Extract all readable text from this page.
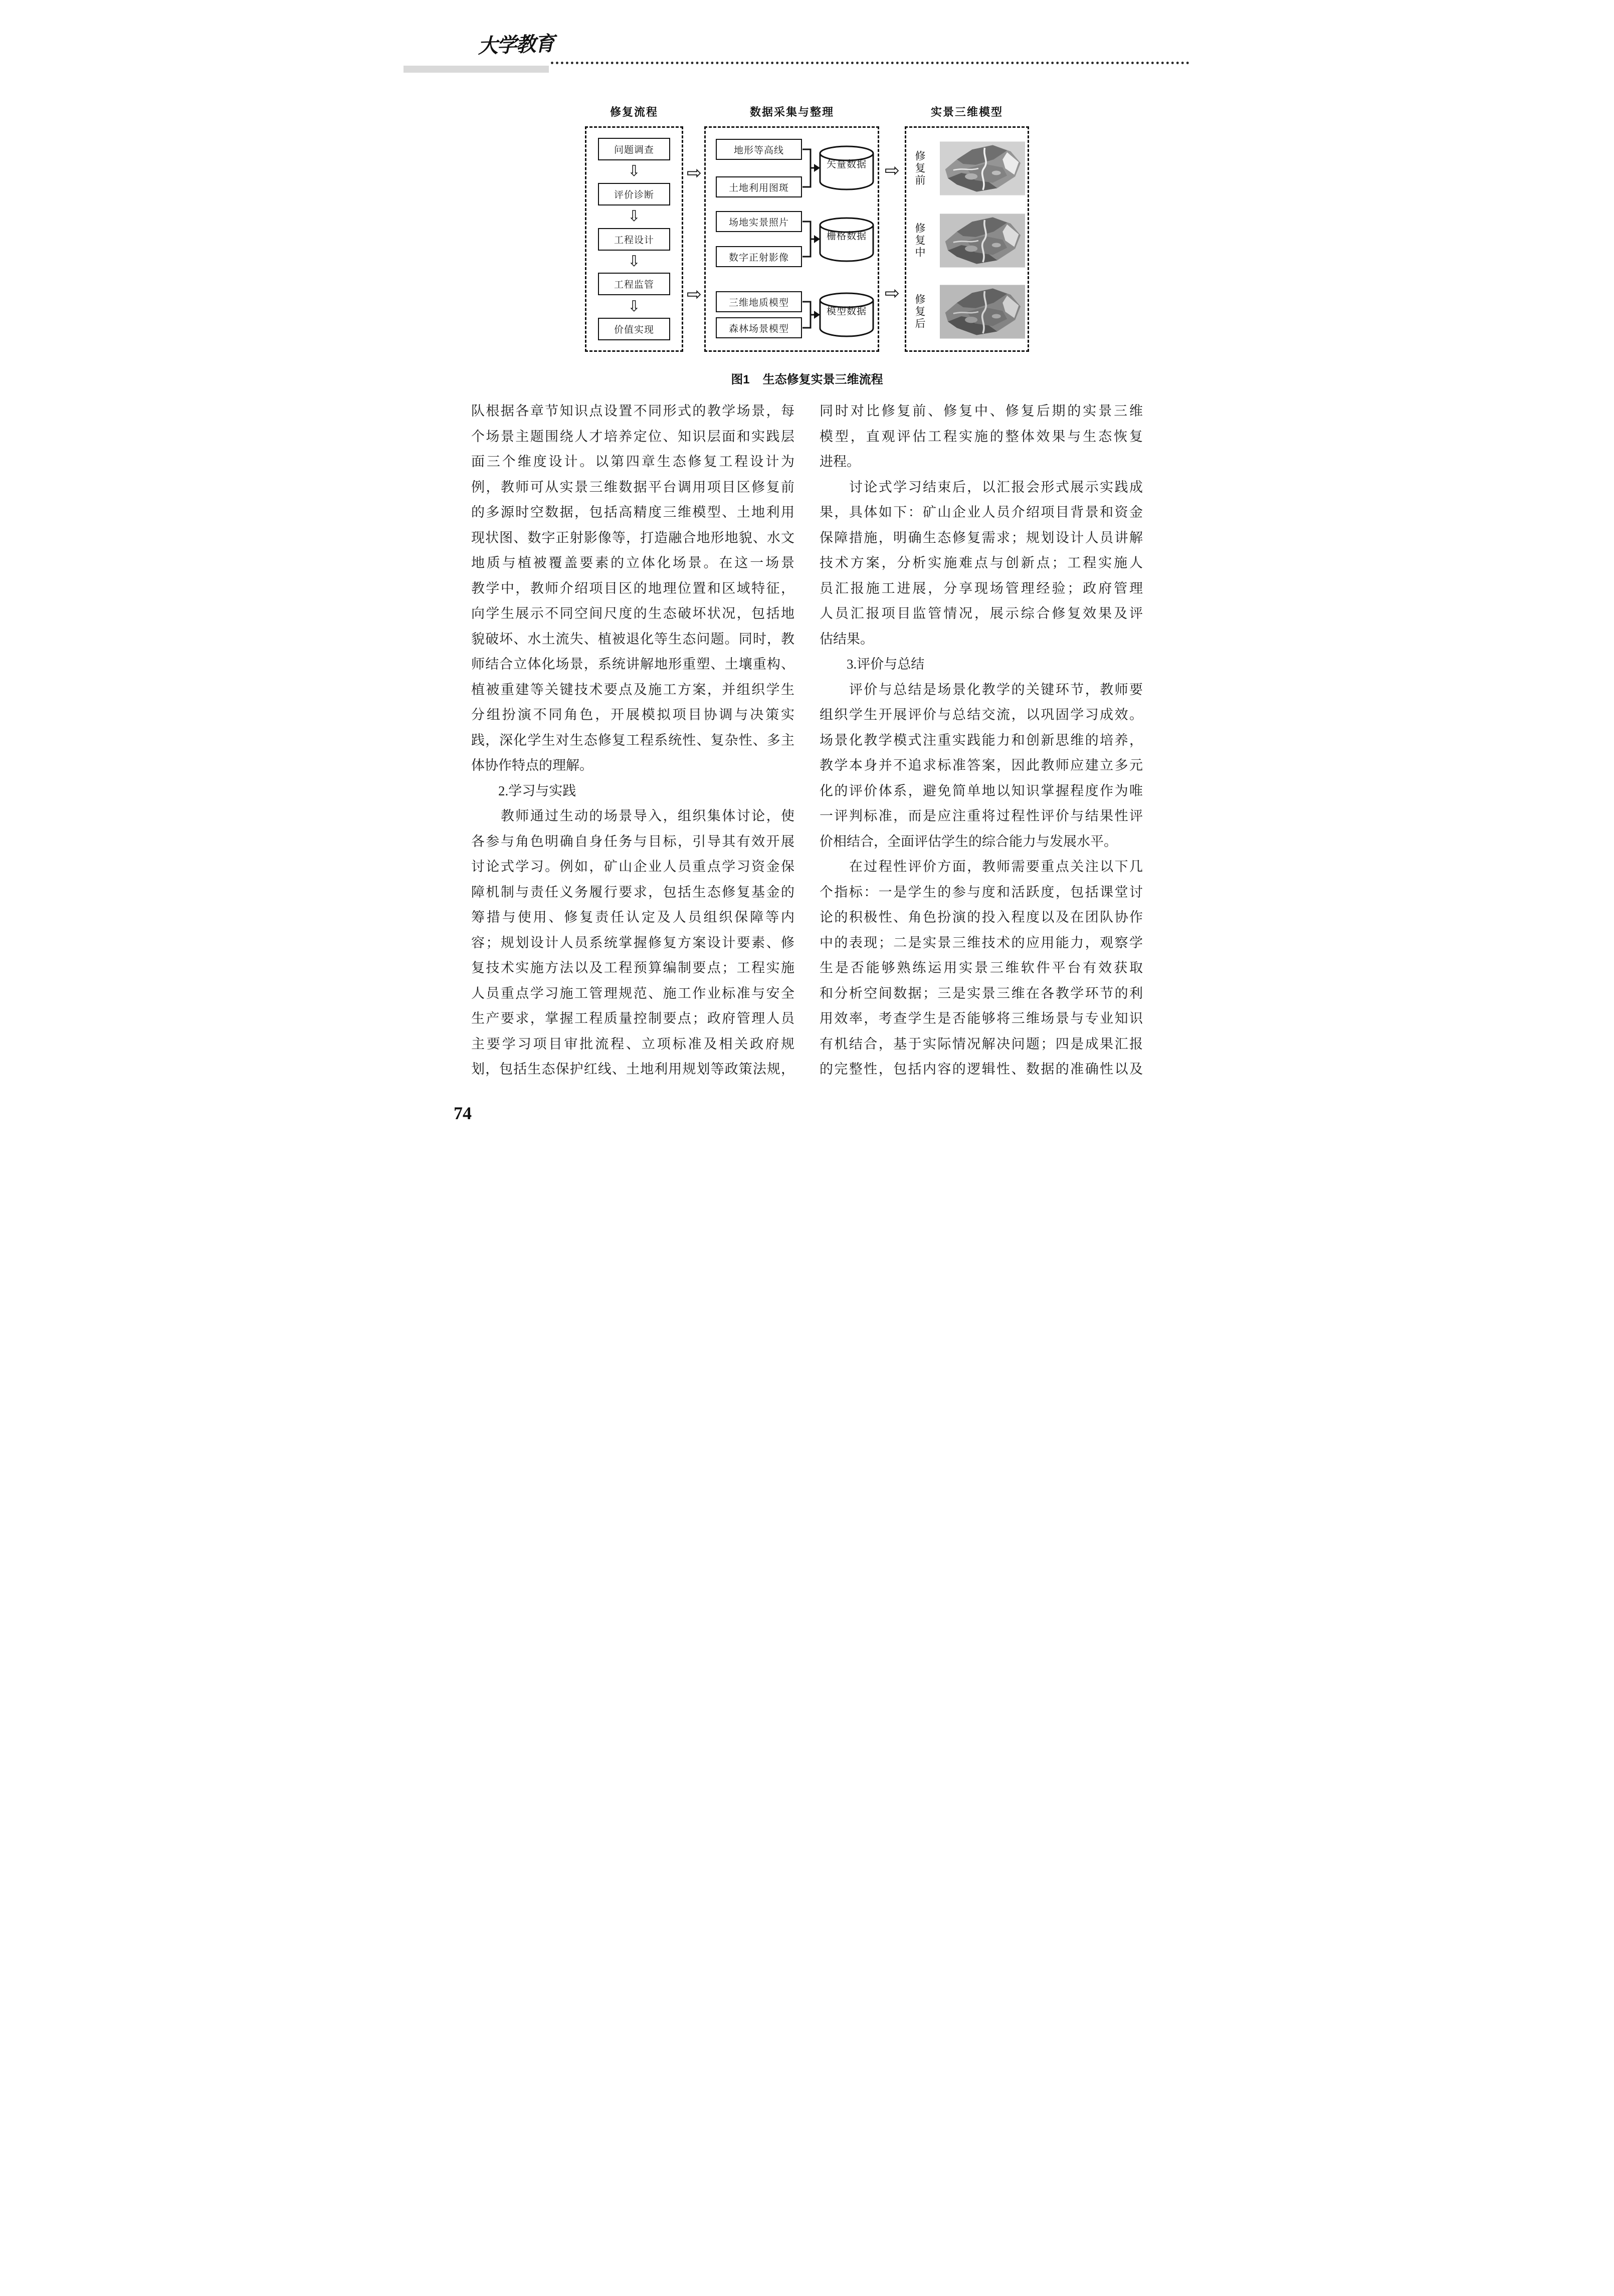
大学教育
修复流程	数据采集与整理	实景三维模型
问题调查
⇩
评价诊断
⇩
工程设计
⇩
工程监管
⇩
价值实现
地形等高线
土地利用图斑
矢量数据
场地实景照片
数字正射影像
栅格数据
三维地质模型
森林场景模型
模型数据
修复前
修复中
修复后
⇨
⇨
⇨
⇨
图1 生态修复实景三维流程
队根据各章节知识点设置不同形式的教学场景，每
个场景主题围绕人才培养定位、知识层面和实践层
面三个维度设计。以第四章生态修复工程设计为
例，教师可从实景三维数据平台调用项目区修复前
的多源时空数据，包括高精度三维模型、土地利用
现状图、数字正射影像等，打造融合地形地貌、水文
地质与植被覆盖要素的立体化场景。在这一场景
教学中，教师介绍项目区的地理位置和区域特征，
向学生展示不同空间尺度的生态破坏状况，包括地
貌破坏、水土流失、植被退化等生态问题。同时，教
师结合立体化场景，系统讲解地形重塑、土壤重构、
植被重建等关键技术要点及施工方案，并组织学生
分组扮演不同角色，开展模拟项目协调与决策实
践，深化学生对生态修复工程系统性、复杂性、多主
体协作特点的理解。
　　2.学习与实践
　　教师通过生动的场景导入，组织集体讨论，使
各参与角色明确自身任务与目标，引导其有效开展
讨论式学习。例如，矿山企业人员重点学习资金保
障机制与责任义务履行要求，包括生态修复基金的
筹措与使用、修复责任认定及人员组织保障等内
容；规划设计人员系统掌握修复方案设计要素、修
复技术实施方法以及工程预算编制要点；工程实施
人员重点学习施工管理规范、施工作业标准与安全
生产要求，掌握工程质量控制要点；政府管理人员
主要学习项目审批流程、立项标准及相关政府规
划，包括生态保护红线、土地利用规划等政策法规，
同时对比修复前、修复中、修复后期的实景三维
模型，直观评估工程实施的整体效果与生态恢复
进程。
　　讨论式学习结束后，以汇报会形式展示实践成
果，具体如下：矿山企业人员介绍项目背景和资金
保障措施，明确生态修复需求；规划设计人员讲解
技术方案，分析实施难点与创新点；工程实施人
员汇报施工进展，分享现场管理经验；政府管理
人员汇报项目监管情况，展示综合修复效果及评
估结果。
　　3.评价与总结
　　评价与总结是场景化教学的关键环节，教师要
组织学生开展评价与总结交流，以巩固学习成效。
场景化教学模式注重实践能力和创新思维的培养，
教学本身并不追求标准答案，因此教师应建立多元
化的评价体系，避免简单地以知识掌握程度作为唯
一评判标准，而是应注重将过程性评价与结果性评
价相结合，全面评估学生的综合能力与发展水平。
　　在过程性评价方面，教师需要重点关注以下几
个指标：一是学生的参与度和活跃度，包括课堂讨
论的积极性、角色扮演的投入程度以及在团队协作
中的表现；二是实景三维技术的应用能力，观察学
生是否能够熟练运用实景三维软件平台有效获取
和分析空间数据；三是实景三维在各教学环节的利
用效率，考查学生是否能够将三维场景与专业知识
有机结合，基于实际情况解决问题；四是成果汇报
的完整性，包括内容的逻辑性、数据的准确性以及
74
